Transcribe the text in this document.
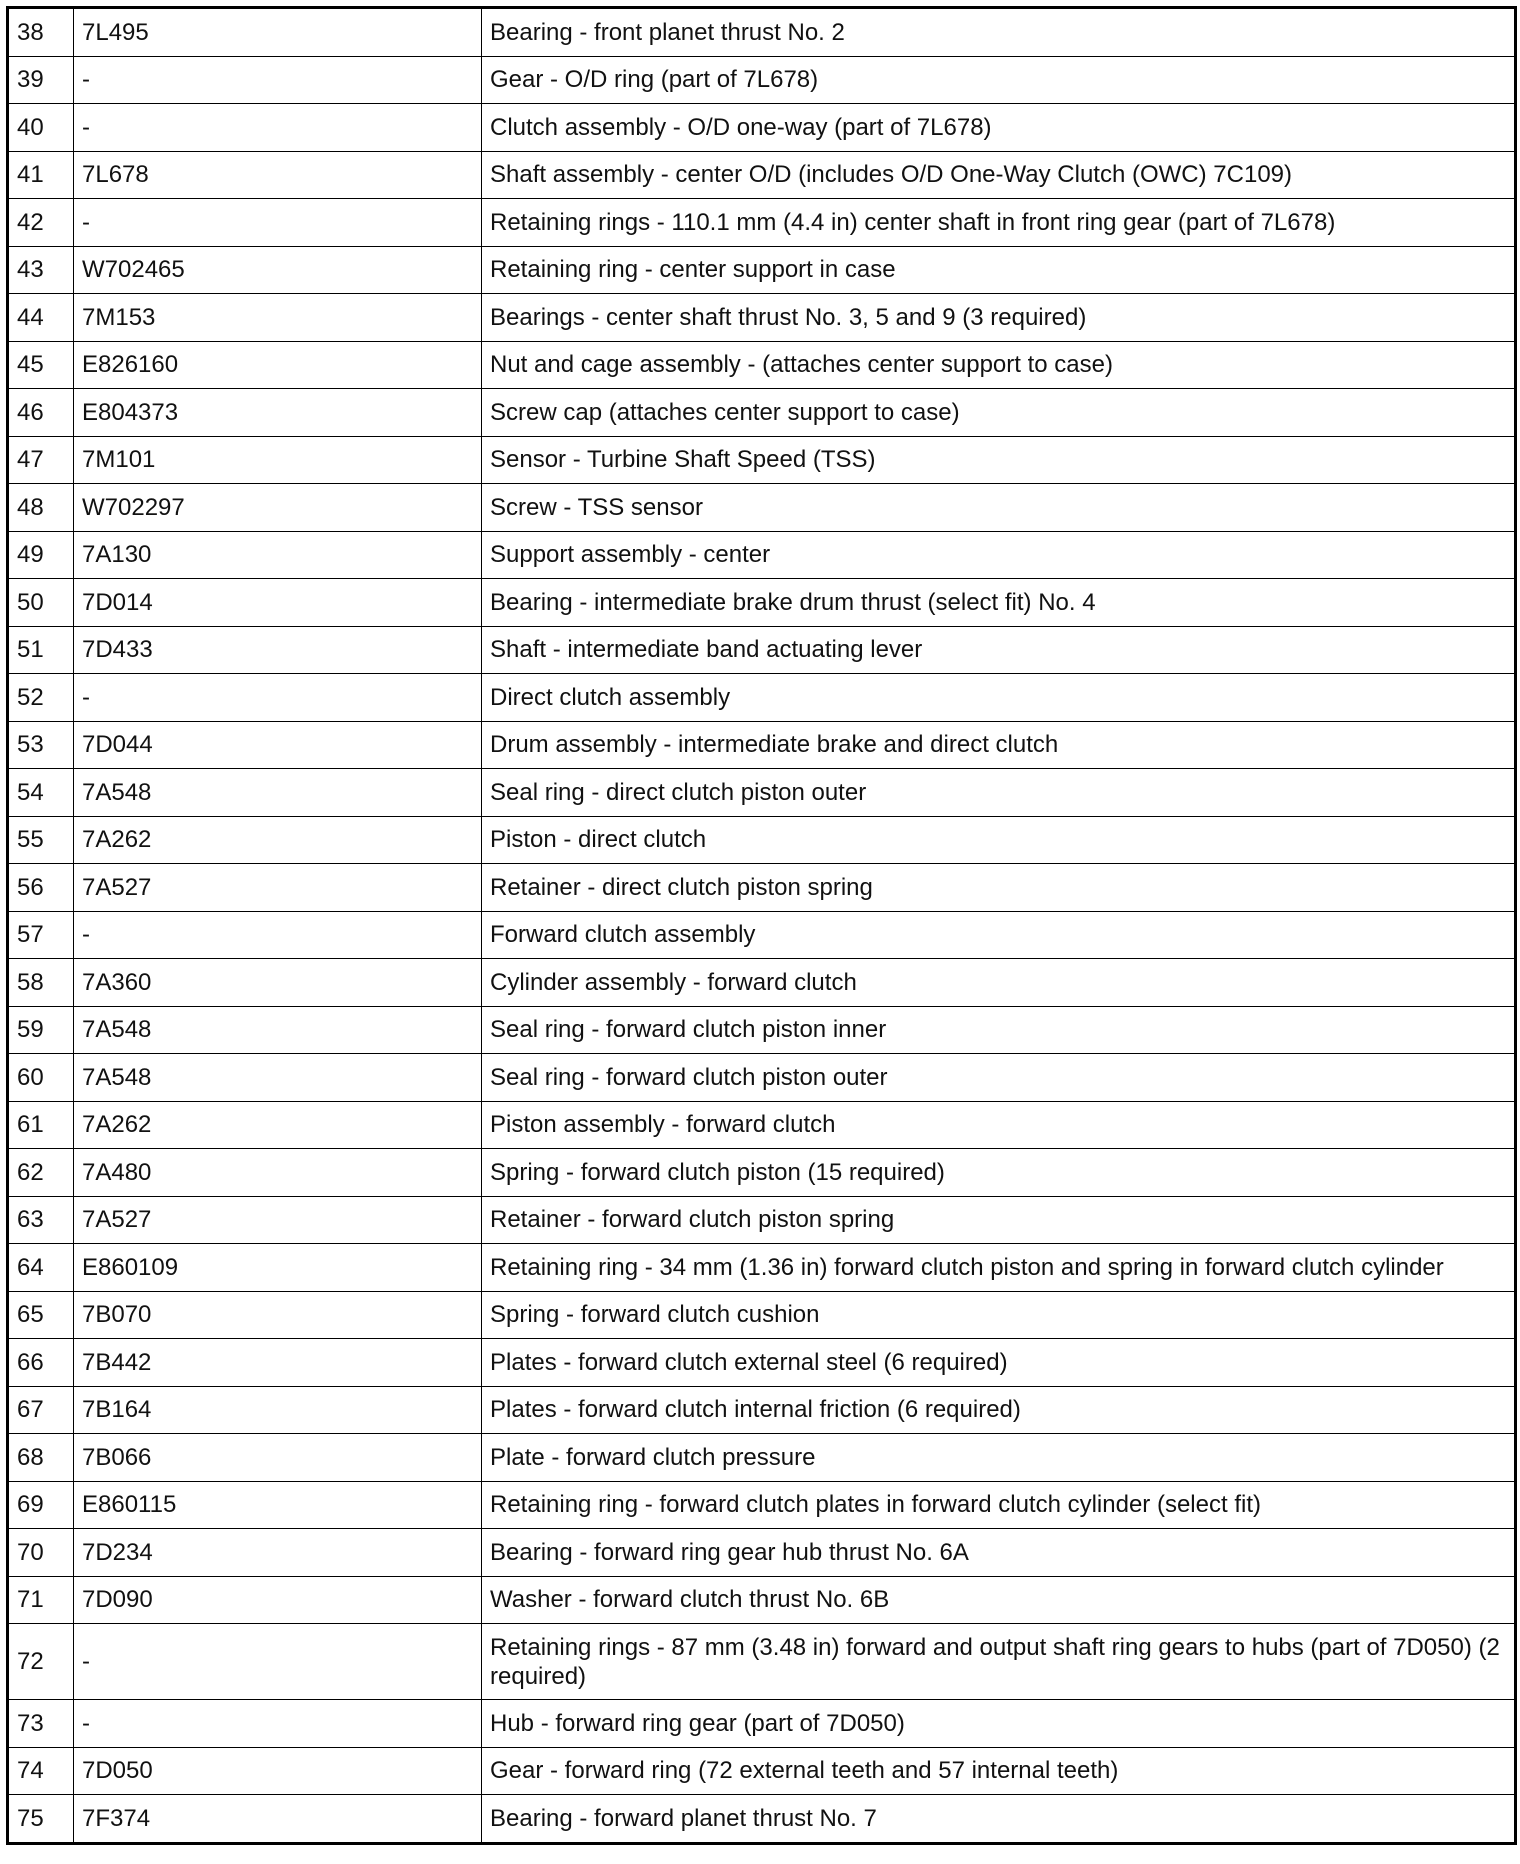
38	7L495	Bearing - front planet thrust No. 2
39	-	Gear - O/D ring (part of 7L678)
40	-	Clutch assembly - O/D one-way (part of 7L678)
41	7L678	Shaft assembly - center O/D (includes O/D One-Way Clutch (OWC) 7C109)
42	-	Retaining rings - 110.1 mm (4.4 in) center shaft in front ring gear (part of 7L678)
43	W702465	Retaining ring - center support in case
44	7M153	Bearings - center shaft thrust No. 3, 5 and 9 (3 required)
45	E826160	Nut and cage assembly - (attaches center support to case)
46	E804373	Screw cap (attaches center support to case)
47	7M101	Sensor - Turbine Shaft Speed (TSS)
48	W702297	Screw - TSS sensor
49	7A130	Support assembly - center
50	7D014	Bearing - intermediate brake drum thrust (select fit) No. 4
51	7D433	Shaft - intermediate band actuating lever
52	-	Direct clutch assembly
53	7D044	Drum assembly - intermediate brake and direct clutch
54	7A548	Seal ring - direct clutch piston outer
55	7A262	Piston - direct clutch
56	7A527	Retainer - direct clutch piston spring
57	-	Forward clutch assembly
58	7A360	Cylinder assembly - forward clutch
59	7A548	Seal ring - forward clutch piston inner
60	7A548	Seal ring - forward clutch piston outer
61	7A262	Piston assembly - forward clutch
62	7A480	Spring - forward clutch piston (15 required)
63	7A527	Retainer - forward clutch piston spring
64	E860109	Retaining ring - 34 mm (1.36 in) forward clutch piston and spring in forward clutch cylinder
65	7B070	Spring - forward clutch cushion
66	7B442	Plates - forward clutch external steel (6 required)
67	7B164	Plates - forward clutch internal friction (6 required)
68	7B066	Plate - forward clutch pressure
69	E860115	Retaining ring - forward clutch plates in forward clutch cylinder (select fit)
70	7D234	Bearing - forward ring gear hub thrust No. 6A
71	7D090	Washer - forward clutch thrust No. 6B
72	-	Retaining rings - 87 mm (3.48 in) forward and output shaft ring gears to hubs (part of 7D050) (2 required)
73	-	Hub - forward ring gear (part of 7D050)
74	7D050	Gear - forward ring (72 external teeth and 57 internal teeth)
75	7F374	Bearing - forward planet thrust No. 7
